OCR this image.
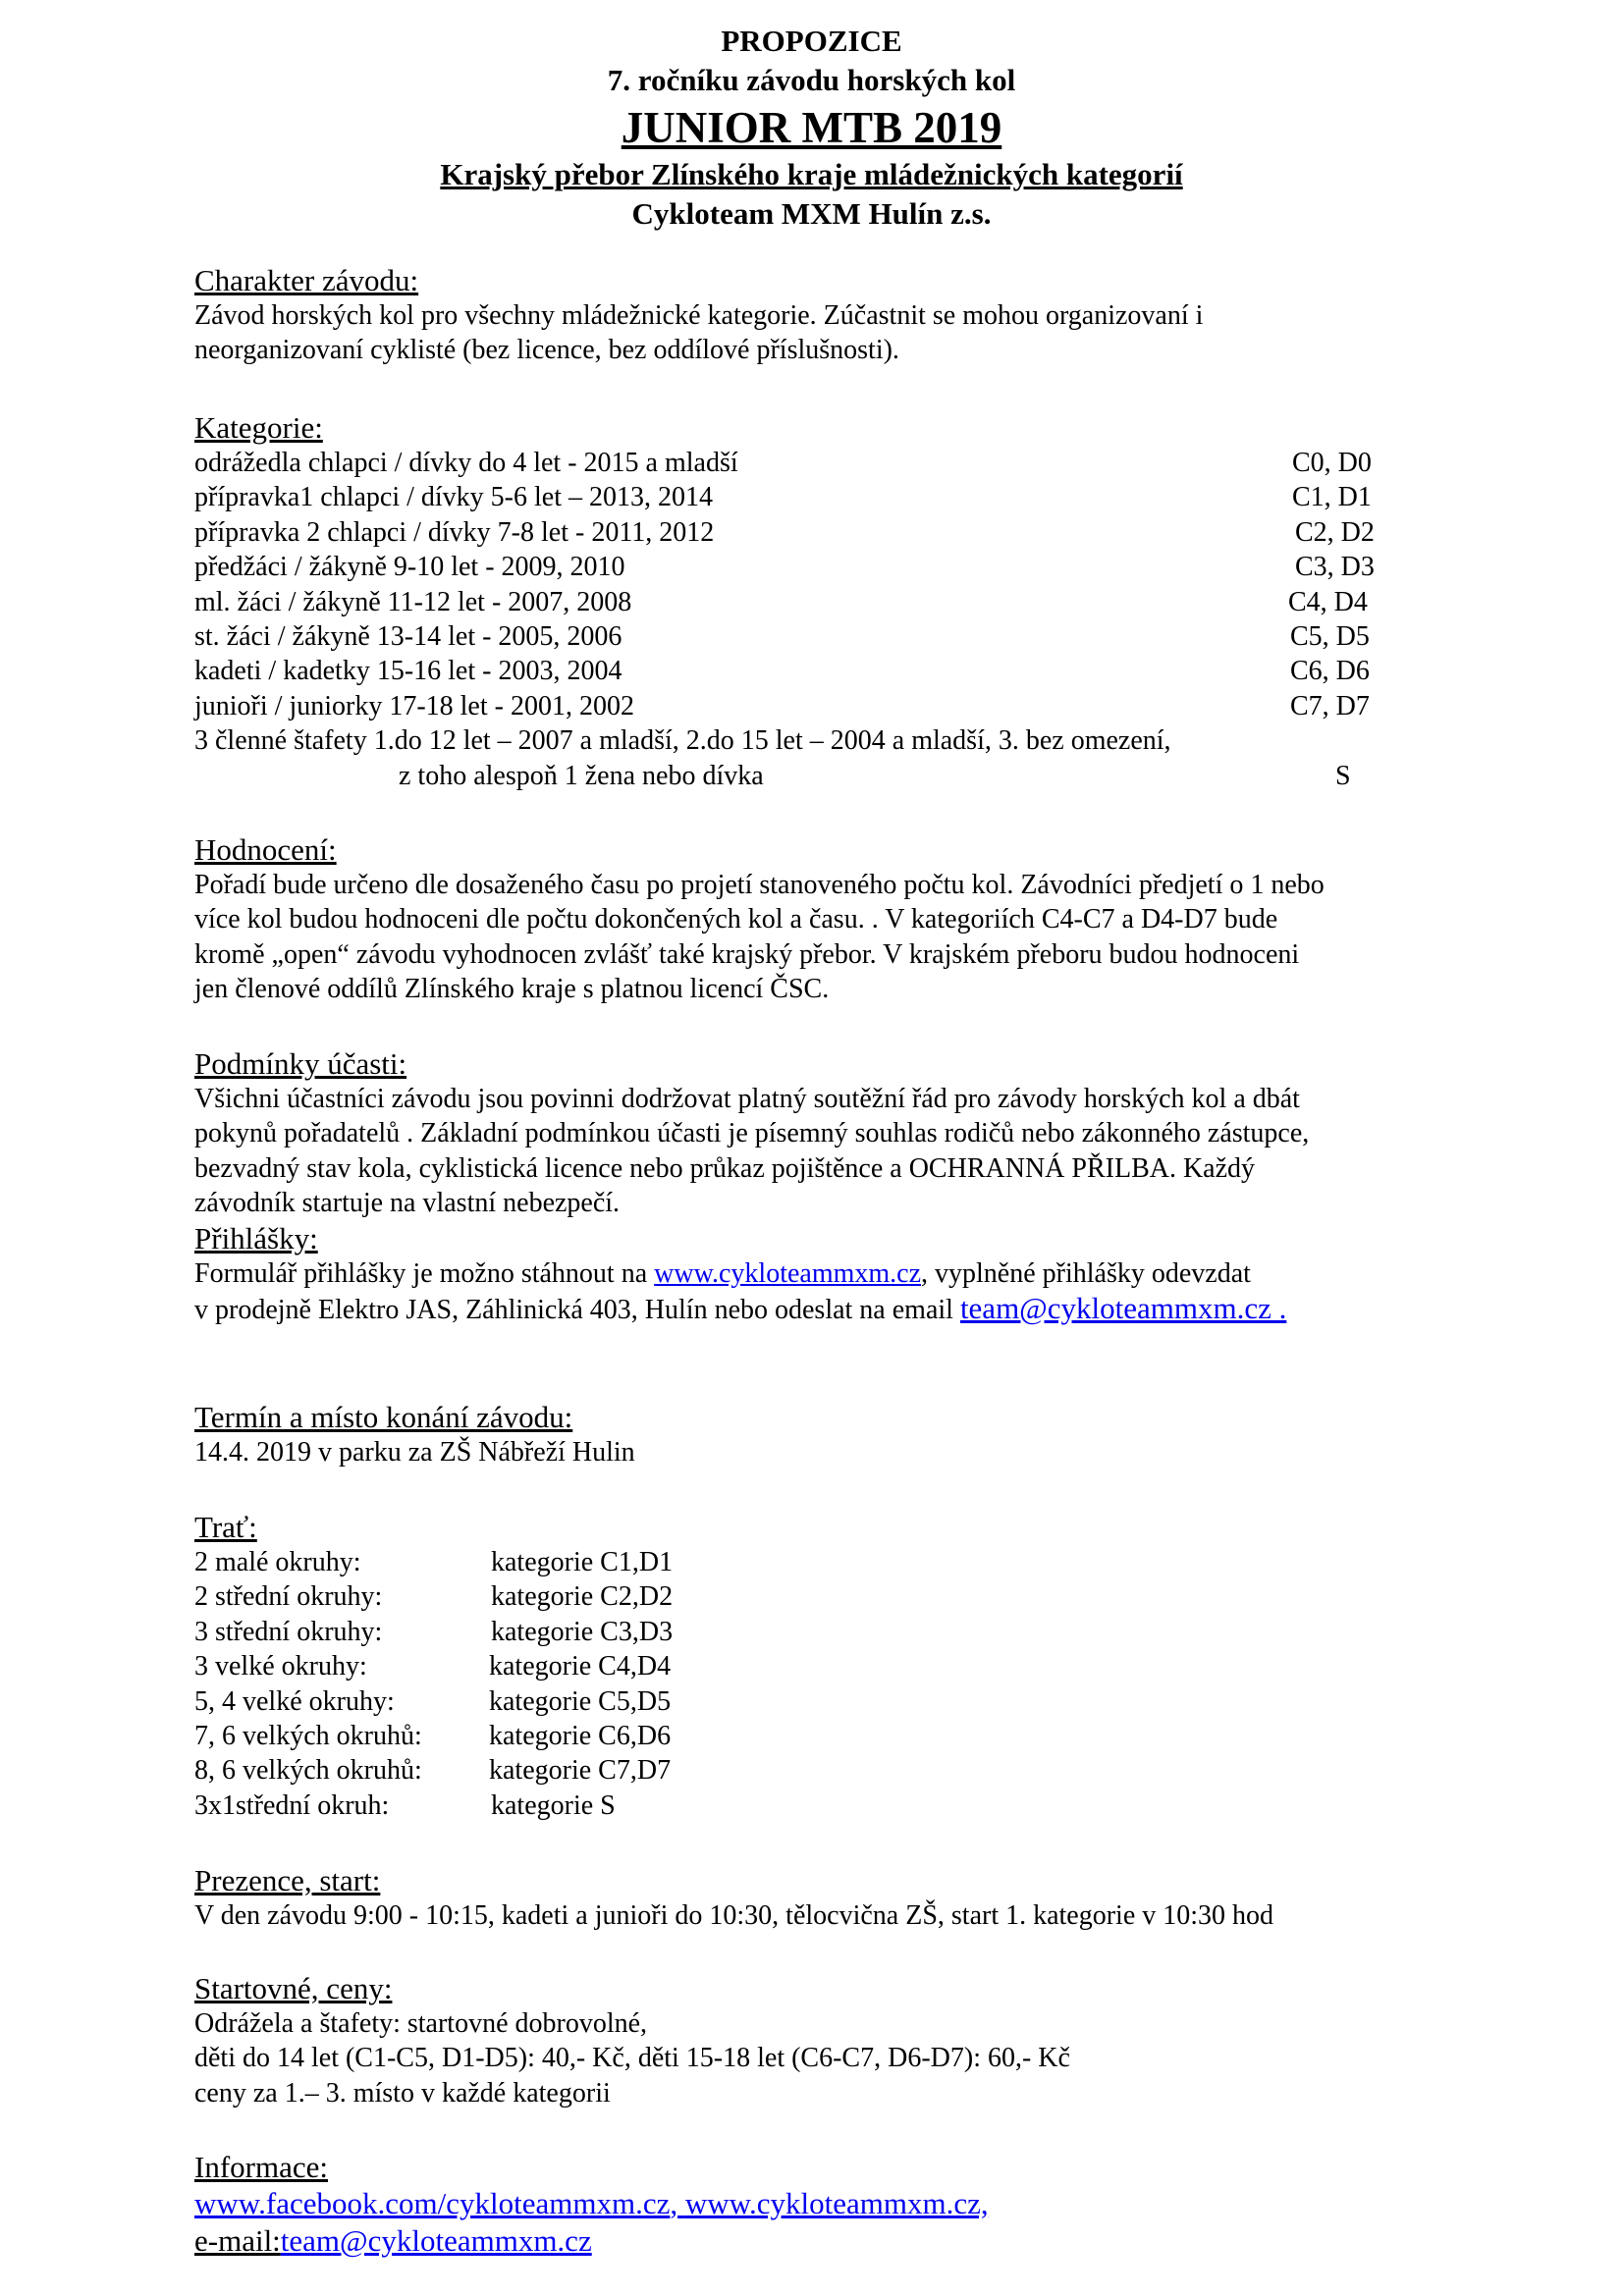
PROPOZICE
7. ročníku závodu horských kol
JUNIOR MTB 2019
Krajský přebor Zlínského kraje mládežnických kategorií
Cykloteam MXM Hulín z.s.
Charakter závodu:
Závod horských kol pro všechny mládežnické kategorie. Zúčastnit se mohou organizovaní i
neorganizovaní cyklisté (bez licence, bez oddílové příslušnosti).
Kategorie:
odrážedla chlapci / dívky do 4 let - 2015 a mladší	C0, D0
přípravka1 chlapci / dívky 5-6 let – 2013, 2014	C1, D1
přípravka 2 chlapci / dívky 7-8 let - 2011, 2012	C2, D2
předžáci / žákyně 9-10 let - 2009, 2010	C3, D3
ml. žáci / žákyně 11-12 let - 2007, 2008	C4, D4
st. žáci / žákyně 13-14 let - 2005, 2006	C5, D5
kadeti / kadetky 15-16 let - 2003, 2004	C6, D6
junioři / juniorky 17-18 let - 2001, 2002	C7, D7
3 členné štafety 1.do 12 let – 2007 a mladší, 2.do 15 let – 2004 a mladší, 3. bez omezení,
z toho alespoň 1 žena nebo dívka	S
Hodnocení:
Pořadí bude určeno dle dosaženého času po projetí stanoveného počtu kol. Závodníci předjetí o 1 nebo
více kol budou hodnoceni dle počtu dokončených kol a času. . V kategoriích C4-C7 a D4-D7 bude
kromě „open“ závodu vyhodnocen zvlášť také krajský přebor. V krajském přeboru budou hodnoceni
jen členové oddílů Zlínského kraje s platnou licencí ČSC.
Podmínky účasti:
Všichni účastníci závodu jsou povinni dodržovat platný soutěžní řád pro závody horských kol a dbát
pokynů pořadatelů . Základní podmínkou účasti je písemný souhlas rodičů nebo zákonného zástupce,
bezvadný stav kola, cyklistická licence nebo průkaz pojištěnce a OCHRANNÁ PŘILBA. Každý
závodník startuje na vlastní nebezpečí.
Přihlášky:
Formulář přihlášky je možno stáhnout na www.cykloteammxm.cz, vyplněné přihlášky odevzdat
v prodejně Elektro JAS, Záhlinická 403, Hulín nebo odeslat na email team@cykloteammxm.cz .
Termín a místo konání závodu:
14.4. 2019 v parku za ZŠ Nábřeží Hulin
Trať:
2 malé okruhy:	kategorie C1,D1
2 střední okruhy:	kategorie C2,D2
3 střední okruhy:	kategorie C3,D3
3 velké okruhy:	kategorie C4,D4
5, 4 velké okruhy:	kategorie C5,D5
7, 6 velkých okruhů: kategorie C6,D6
8, 6 velkých okruhů: kategorie C7,D7
3x1střední okruh:	kategorie S
Prezence, start:
V den závodu 9:00 - 10:15, kadeti a junioři do 10:30, tělocvična ZŠ, start 1. kategorie v 10:30 hod
Startovné, ceny:
Odrážela a štafety: startovné dobrovolné,
děti do 14 let (C1-C5, D1-D5): 40,- Kč, děti 15-18 let (C6-C7, D6-D7): 60,- Kč
ceny za 1.– 3. místo v každé kategorii
Informace:
www.facebook.com/cykloteammxm.cz, www.cykloteammxm.cz,
e-mail:team@cykloteammxm.cz
